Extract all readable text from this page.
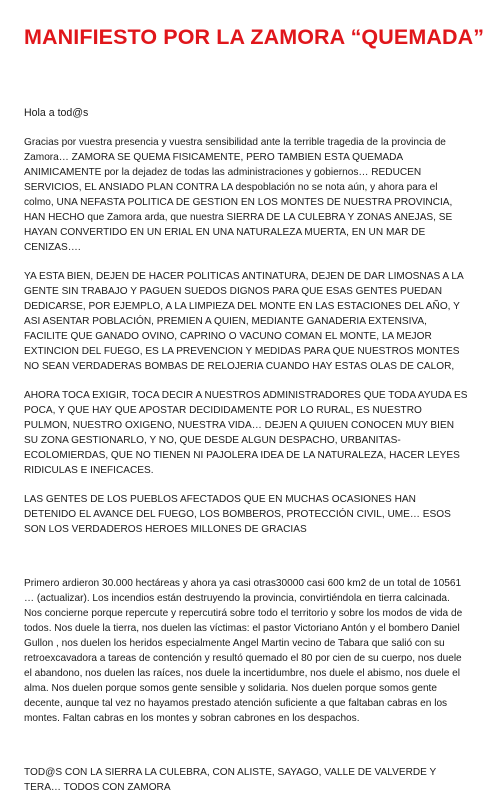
MANIFIESTO POR LA ZAMORA “QUEMADA”

Hola a tod@s

Gracias por vuestra presencia y vuestra sensibilidad ante la terrible tragedia de la provincia de Zamora… ZAMORA SE QUEMA FISICAMENTE, PERO TAMBIEN ESTA QUEMADA ANIMICAMENTE por la dejadez de todas las administraciones y gobiernos… REDUCEN SERVICIOS, EL ANSIADO PLAN CONTRA LA despoblación no se nota aún, y ahora para el colmo, UNA NEFASTA POLITICA DE GESTION EN LOS MONTES DE NUESTRA PROVINCIA, HAN HECHO que Zamora arda, que nuestra SIERRA DE LA CULEBRA Y ZONAS ANEJAS, SE HAYAN CONVERTIDO EN UN ERIAL EN UNA NATURALEZA MUERTA, EN UN MAR DE CENIZAS….

YA ESTA BIEN, DEJEN DE HACER POLITICAS ANTINATURA, DEJEN DE DAR LIMOSNAS A LA GENTE SIN TRABAJO Y PAGUEN SUEDOS DIGNOS PARA QUE ESAS GENTES PUEDAN DEDICARSE, POR EJEMPLO, A LA LIMPIEZA DEL MONTE EN LAS ESTACIONES DEL AÑO, Y ASI ASENTAR POBLACIÓN, PREMIEN A QUIEN, MEDIANTE GANADERIA EXTENSIVA, FACILITE QUE GANADO OVINO, CAPRINO O VACUNO COMAN EL MONTE, LA MEJOR EXTINCION DEL FUEGO, ES LA PREVENCION Y MEDIDAS PARA QUE NUESTROS MONTES NO SEAN VERDADERAS BOMBAS DE RELOJERIA CUANDO HAY ESTAS OLAS DE CALOR,

AHORA TOCA EXIGIR, TOCA DECIR A NUESTROS ADMINISTRADORES QUE TODA AYUDA ES POCA, Y QUE HAY QUE APOSTAR DECIDIDAMENTE POR LO RURAL, ES NUESTRO PULMON, NUESTRO OXIGENO, NUESTRA VIDA… DEJEN A QUIUEN CONOCEN MUY BIEN SU ZONA GESTIONARLO, Y NO, QUE DESDE ALGUN DESPACHO, URBANITAS-ECOLOMIERDAS, QUE NO TIENEN NI PAJOLERA IDEA DE LA NATURALEZA, HACER LEYES RIDICULAS E INEFICACES.

LAS GENTES DE LOS PUEBLOS AFECTADOS QUE EN MUCHAS OCASIONES HAN DETENIDO EL AVANCE DEL FUEGO, LOS BOMBEROS, PROTECCIÓN CIVIL, UME… ESOS SON LOS VERDADEROS HEROES MILLONES DE GRACIAS

Primero ardieron 30.000 hectáreas y ahora ya casi otras30000 casi 600 km2 de un total de 10561 … (actualizar). Los incendios están destruyendo la provincia, convirtiéndola en tierra calcinada. Nos concierne porque repercute y repercutirá sobre todo el territorio y sobre los modos de vida de todos. Nos duele la tierra, nos duelen las víctimas: el pastor Victoriano Antón y el bombero Daniel Gullon , nos duelen los heridos especialmente Angel Martin vecino de Tabara que salió con su retroexcavadora a tareas de contención y resultó quemado el 80 por cien de su cuerpo, nos duele el abandono, nos duelen las raíces, nos duele la incertidumbre, nos duele el abismo, nos duele el alma. Nos duelen porque somos gente sensible y solidaria. Nos duelen porque somos gente decente, aunque tal vez no hayamos prestado atención suficiente a que faltaban cabras en los montes. Faltan cabras en los montes y sobran cabrones en los despachos.

TOD@S CON LA SIERRA LA CULEBRA, CON ALISTE, SAYAGO, VALLE DE VALVERDE Y TERA… TODOS CON ZAMORA
